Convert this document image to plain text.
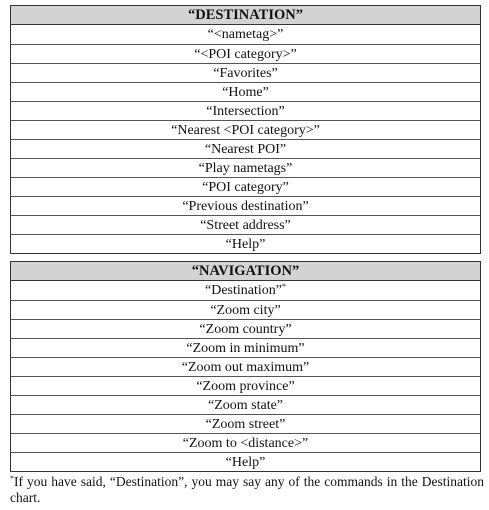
“DESTINATION”
“<nametag>”
“<POI category>”
“Favorites”
“Home”
“Intersection”
“Nearest <POI category>”
“Nearest POI”
“Play nametags”
“POI category”
“Previous destination”
“Street address”
“Help”
“NAVIGATION”
“Destination”*
“Zoom city”
“Zoom country”
“Zoom in minimum”
“Zoom out maximum”
“Zoom province”
“Zoom state”
“Zoom street”
“Zoom to <distance>”
“Help”
*If you have said, “Destination”, you may say any of the commands in the Destination chart.
